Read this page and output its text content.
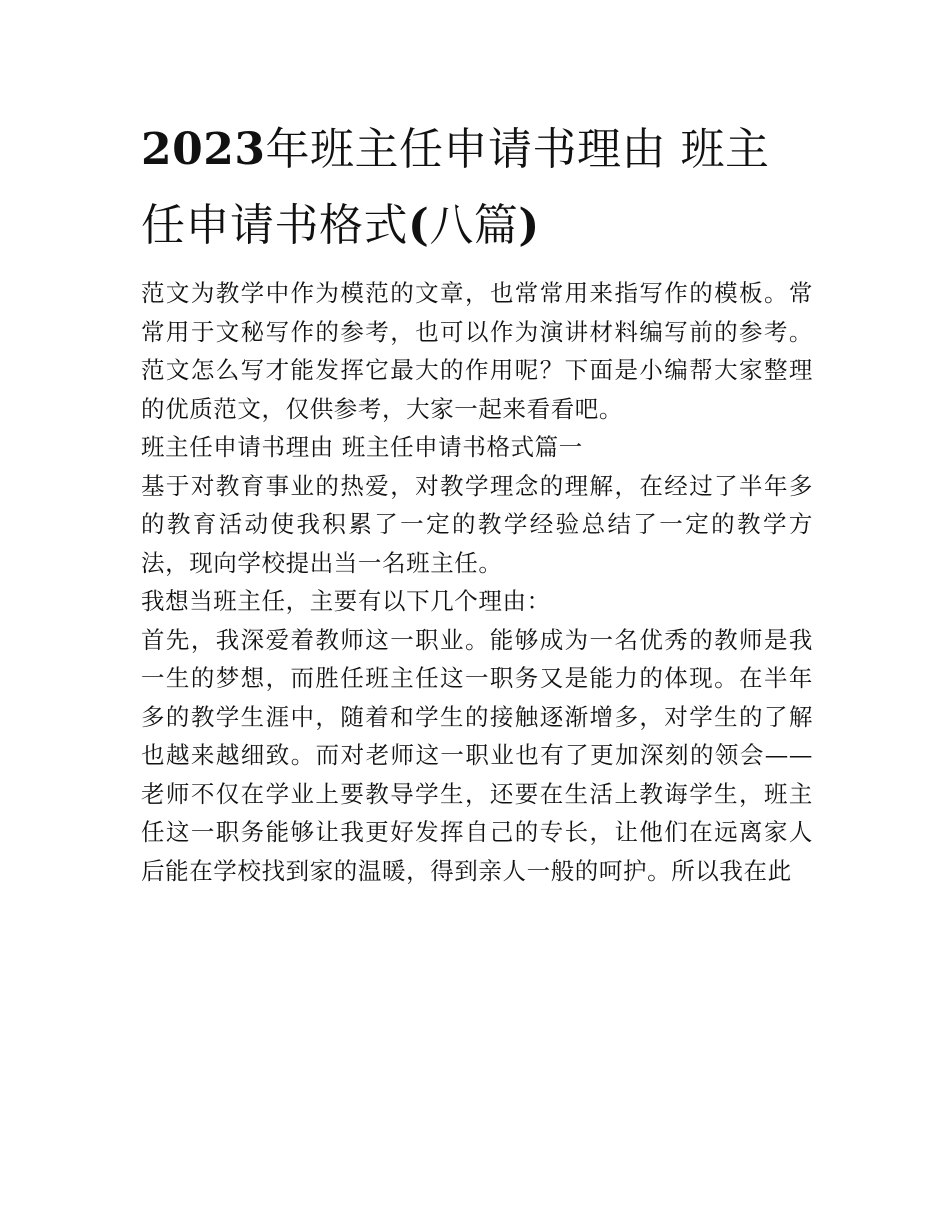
2023年班主任申请书理由 班主任申请书格式(八篇)

范文为教学中作为模范的文章，也常常用来指写作的模板。常常用于文秘写作的参考，也可以作为演讲材料编写前的参考。范文怎么写才能发挥它最大的作用呢？下面是小编帮大家整理的优质范文，仅供参考，大家一起来看看吧。

班主任申请书理由 班主任申请书格式篇一

基于对教育事业的热爱，对教学理念的理解，在经过了半年多的教育活动使我积累了一定的教学经验总结了一定的教学方法，现向学校提出当一名班主任。

我想当班主任，主要有以下几个理由：

首先，我深爱着教师这一职业。能够成为一名优秀的教师是我一生的梦想，而胜任班主任这一职务又是能力的体现。在半年多的教学生涯中，随着和学生的接触逐渐增多，对学生的了解也越来越细致。而对老师这一职业也有了更加深刻的领会——老师不仅在学业上要教导学生，还要在生活上教诲学生，班主任这一职务能够让我更好发挥自己的专长，让他们在远离家人后能在学校找到家的温暖，得到亲人一般的呵护。所以我在此
